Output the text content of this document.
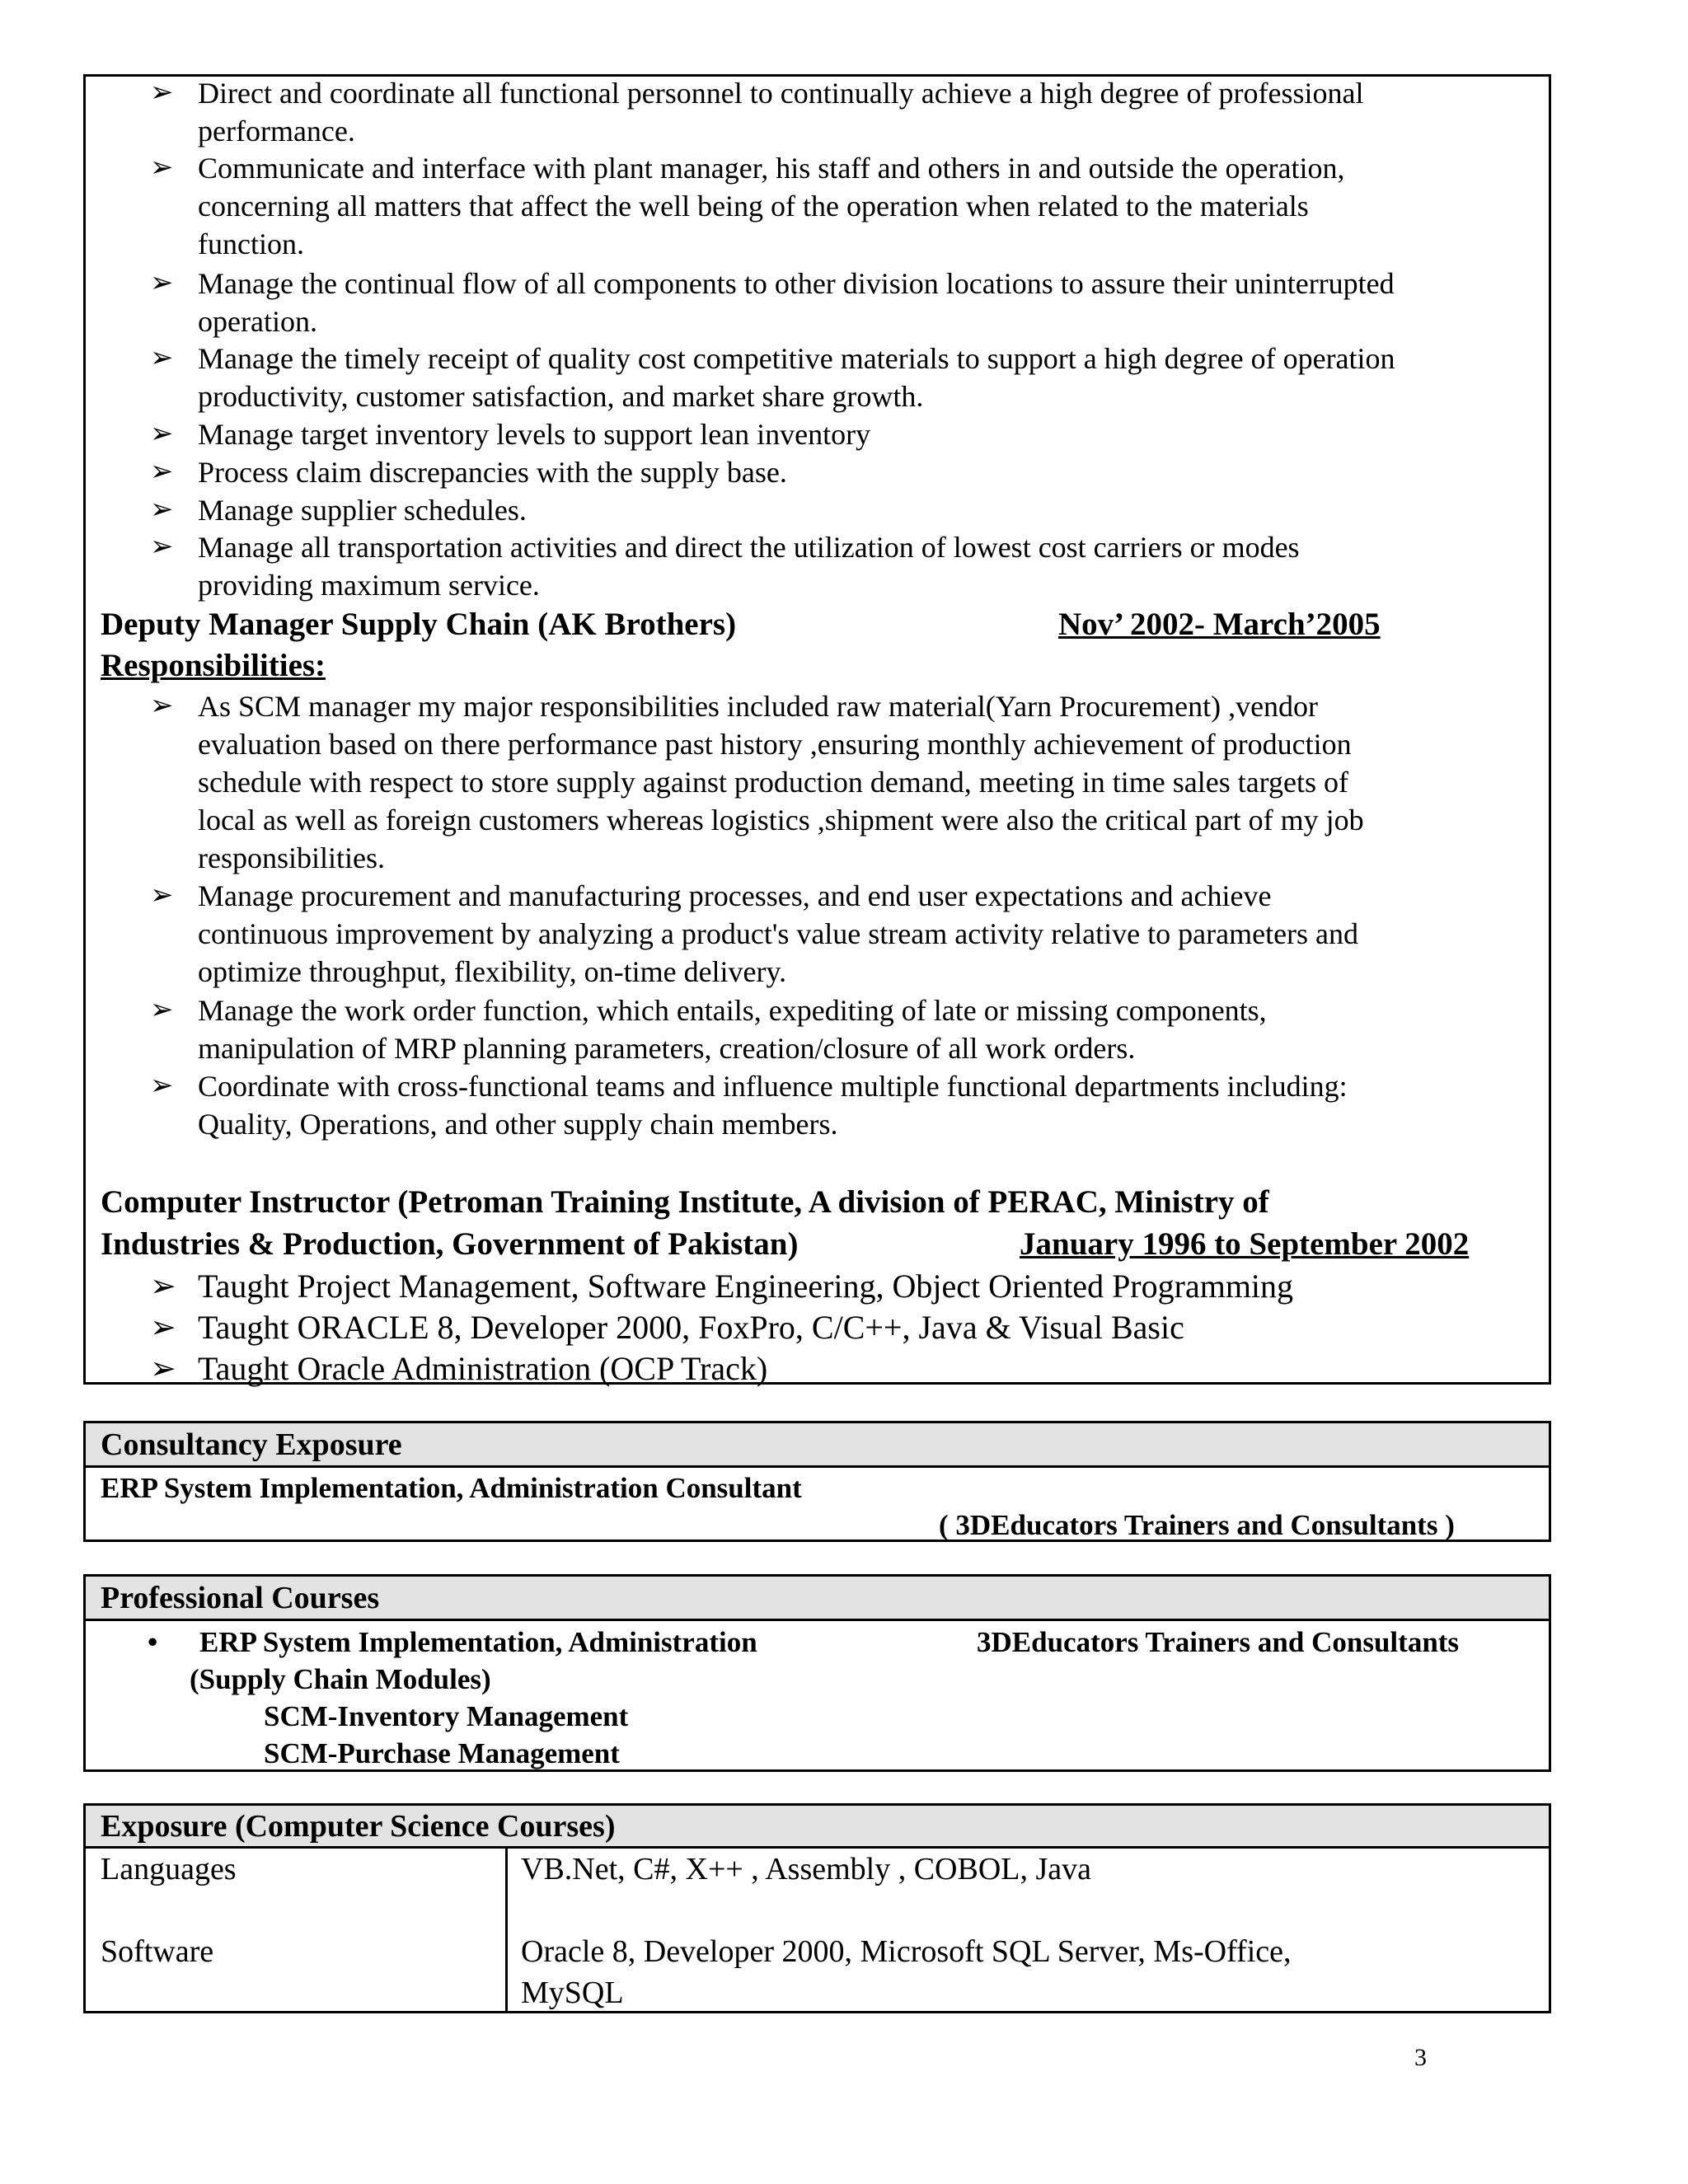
➢ Direct and coordinate all functional personnel to continually achieve a high degree of professional
performance.
➢ Communicate and interface with plant manager, his staff and others in and outside the operation,
concerning all matters that affect the well being of the operation when related to the materials
function.
➢ Manage the continual flow of all components to other division locations to assure their uninterrupted
operation.
➢ Manage the timely receipt of quality cost competitive materials to support a high degree of operation
productivity, customer satisfaction, and market share growth.
➢ Manage target inventory levels to support lean inventory
➢ Process claim discrepancies with the supply base.
➢ Manage supplier schedules.
➢ Manage all transportation activities and direct the utilization of lowest cost carriers or modes
providing maximum service.
Deputy Manager Supply Chain (AK Brothers)	Nov’ 2002- March’2005
Responsibilities:
➢ As SCM manager my major responsibilities included raw material(Yarn Procurement) ,vendor
evaluation based on there performance past history ,ensuring monthly achievement of production
schedule with respect to store supply against production demand, meeting in time sales targets of
local as well as foreign customers whereas logistics ,shipment were also the critical part of my job
responsibilities.
➢ Manage procurement and manufacturing processes, and end user expectations and achieve
continuous improvement by analyzing a product's value stream activity relative to parameters and
optimize throughput, flexibility, on-time delivery.
➢ Manage the work order function, which entails, expediting of late or missing components,
manipulation of MRP planning parameters, creation/closure of all work orders.
➢ Coordinate with cross-functional teams and influence multiple functional departments including:
Quality, Operations, and other supply chain members.
Computer Instructor (Petroman Training Institute, A division of PERAC, Ministry of
Industries & Production, Government of Pakistan)	January 1996 to September 2002
➢ Taught Project Management, Software Engineering, Object Oriented Programming
➢ Taught ORACLE 8, Developer 2000, FoxPro, C/C++, Java & Visual Basic
➢ Taught Oracle Administration (OCP Track)
Consultancy Exposure
ERP System Implementation, Administration Consultant
( 3DEducators Trainers and Consultants )
Professional Courses
• ERP System Implementation, Administration	3DEducators Trainers and Consultants
(Supply Chain Modules)
SCM-Inventory Management
SCM-Purchase Management
Exposure (Computer Science Courses)
Languages	VB.Net, C#, X++ , Assembly , COBOL, Java
Software	Oracle 8, Developer 2000, Microsoft SQL Server, Ms-Office,
MySQL
3
